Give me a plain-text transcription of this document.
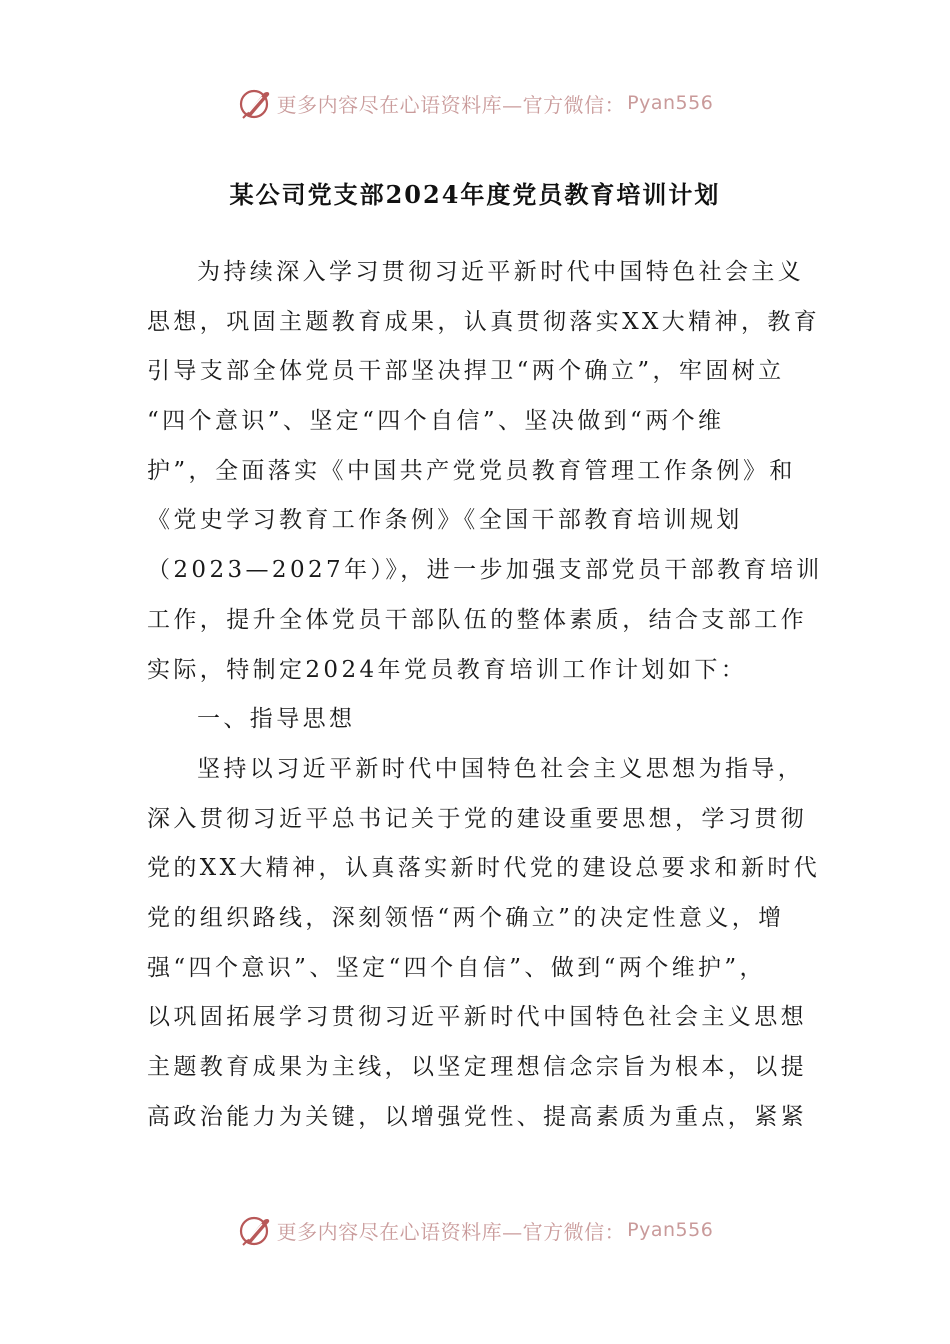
更多内容尽在心语资料库—官方微信： Pyan556
某公司党支部2024年度党员教育培训计划
为持续深入学习贯彻习近平新时代中国特色社会主义
思想，巩固主题教育成果，认真贯彻落实XX大精神，教育
引导支部全体党员干部坚决捍卫“两个确立”，牢固树立
“四个意识”、坚定“四个自信”、坚决做到“两个维
护”，全面落实《中国共产党党员教育管理工作条例》和
《党史学习教育工作条例》《全国干部教育培训规划
（2023—2027年）》，进一步加强支部党员干部教育培训
工作，提升全体党员干部队伍的整体素质，结合支部工作
实际，特制定2024年党员教育培训工作计划如下：
一、指导思想
坚持以习近平新时代中国特色社会主义思想为指导，
深入贯彻习近平总书记关于党的建设重要思想，学习贯彻
党的XX大精神，认真落实新时代党的建设总要求和新时代
党的组织路线，深刻领悟“两个确立”的决定性意义，增
强“四个意识”、坚定“四个自信”、做到“两个维护”，
以巩固拓展学习贯彻习近平新时代中国特色社会主义思想
主题教育成果为主线，以坚定理想信念宗旨为根本，以提
高政治能力为关键，以增强党性、提高素质为重点，紧紧
更多内容尽在心语资料库—官方微信： Pyan556
